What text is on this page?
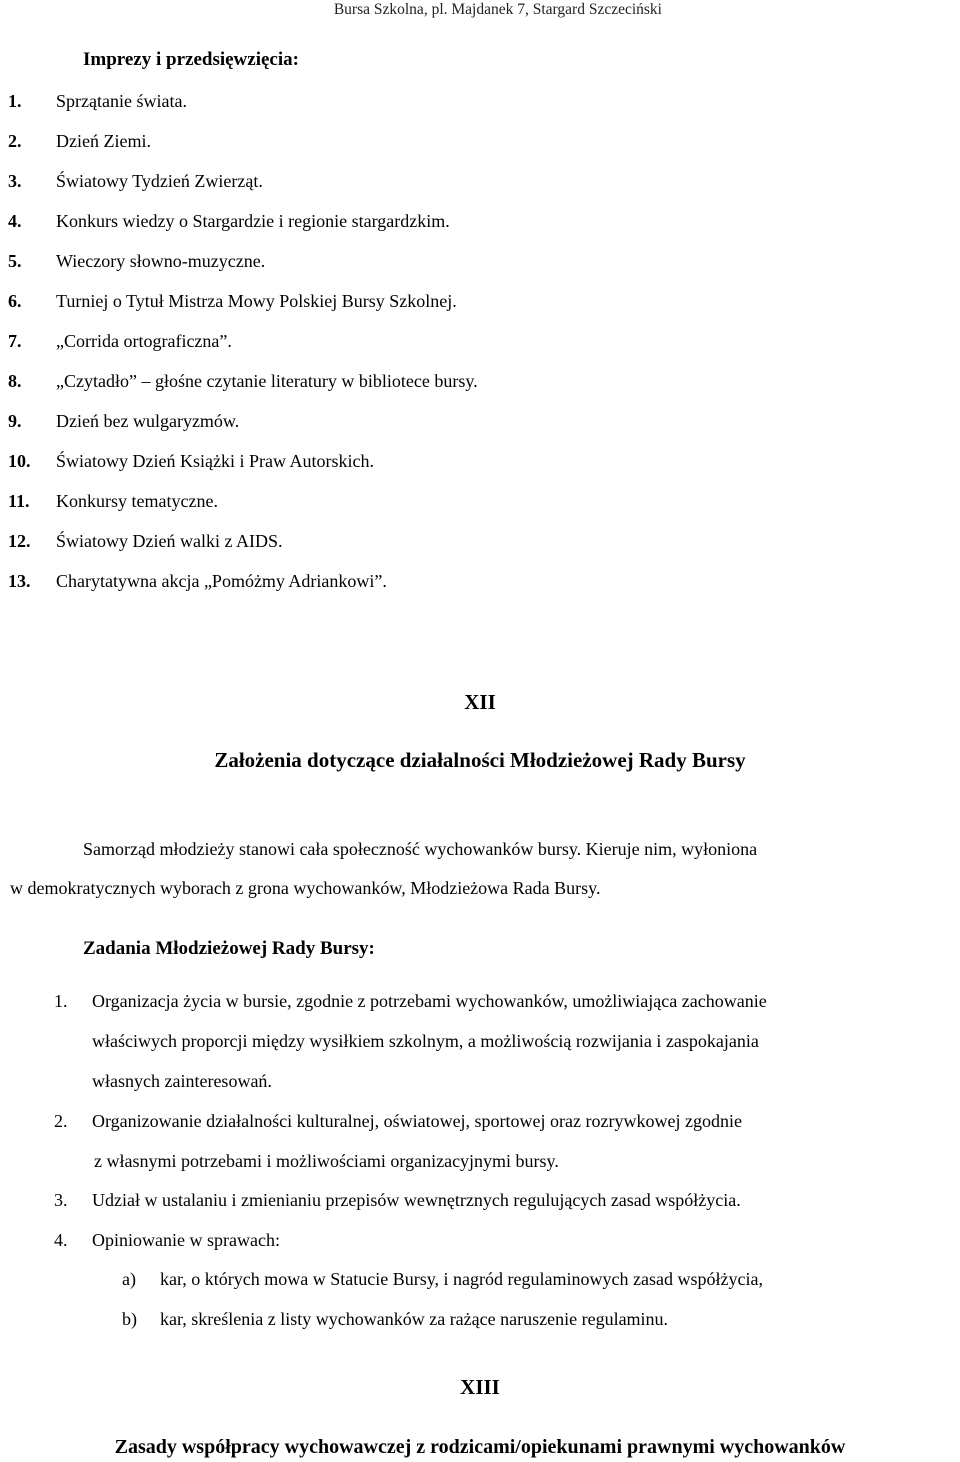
Bursa Szkolna, pl. Majdanek 7, Stargard Szczeciński
Imprezy i przedsięwzięcia:
1.	Sprzątanie świata.
2.	Dzień Ziemi.
3.	Światowy Tydzień Zwierząt.
4.	Konkurs wiedzy o Stargardzie i regionie stargardzkim.
5.	Wieczory słowno-muzyczne.
6.	Turniej o Tytuł Mistrza Mowy Polskiej Bursy Szkolnej.
7.	„Corrida ortograficzna”.
8.	„Czytadło” – głośne czytanie literatury w bibliotece bursy.
9.	Dzień bez wulgaryzmów.
10.	Światowy Dzień Książki i Praw Autorskich.
11.	Konkursy tematyczne.
12.	Światowy Dzień walki z AIDS.
13.	Charytatywna akcja „Pomóżmy Adriankowi”.
XII
Założenia dotyczące działalności Młodzieżowej Rady Bursy
Samorząd młodzieży stanowi cała społeczność wychowanków bursy. Kieruje nim, wyłoniona
w demokratycznych wyborach z grona wychowanków, Młodzieżowa Rada Bursy.
Zadania Młodzieżowej Rady Bursy:
1. Organizacja życia w bursie, zgodnie z potrzebami wychowanków, umożliwiająca zachowanie
właściwych proporcji między wysiłkiem szkolnym, a możliwością rozwijania i zaspokajania
własnych zainteresowań.
2. Organizowanie działalności kulturalnej, oświatowej, sportowej oraz rozrywkowej zgodnie
z własnymi potrzebami i możliwościami organizacyjnymi bursy.
3. Udział w ustalaniu i zmienianiu przepisów wewnętrznych regulujących zasad współżycia.
4. Opiniowanie w sprawach:
a) kar, o których mowa w Statucie Bursy, i nagród regulaminowych zasad współżycia,
b) kar, skreślenia z listy wychowanków za rażące naruszenie regulaminu.
XIII
Zasady współpracy wychowawczej z rodzicami/opiekunami prawnymi wychowanków
